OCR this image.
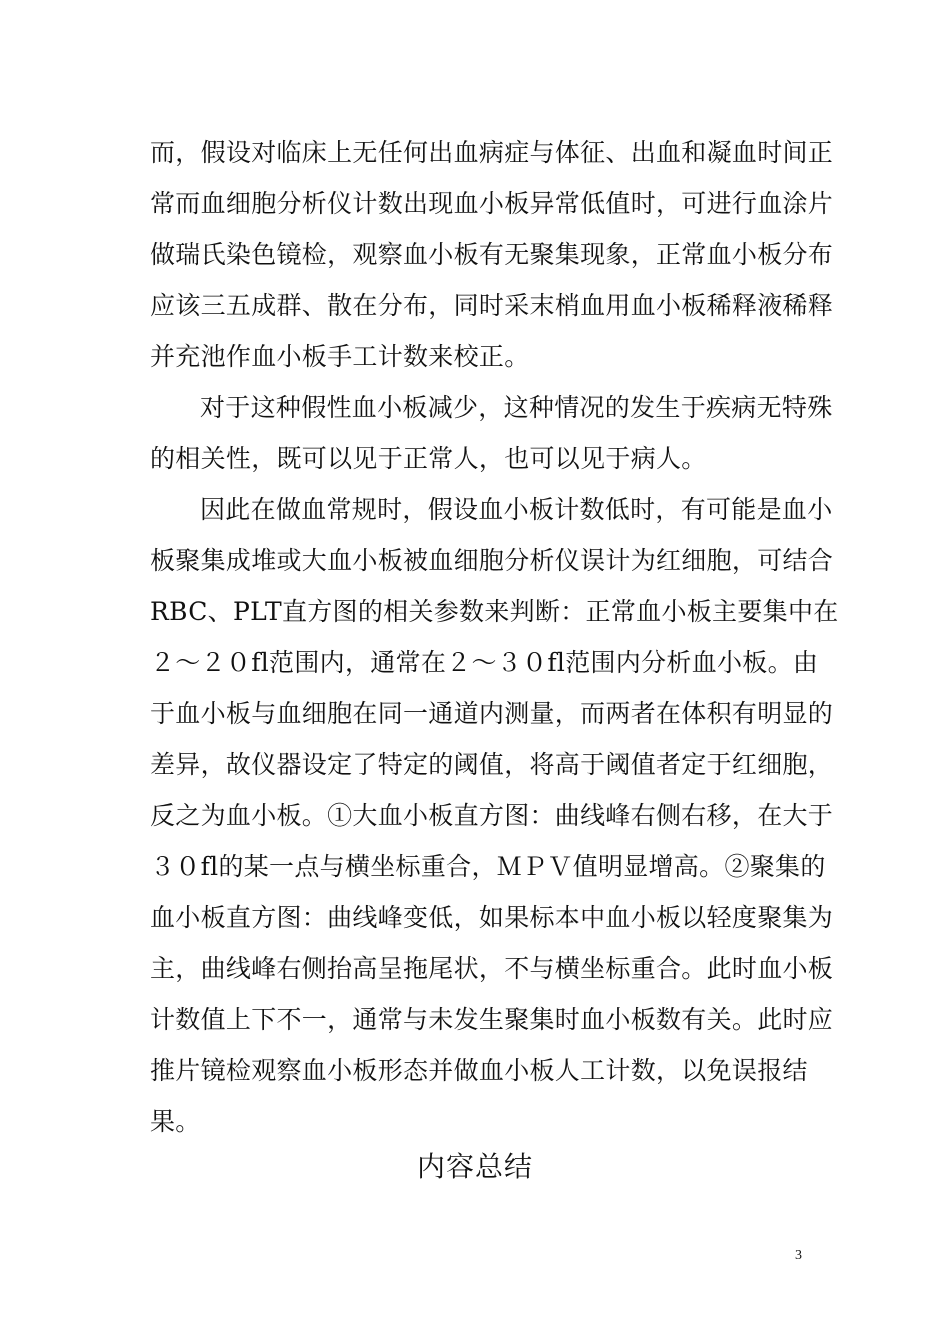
而，假设对临床上无任何出血病症与体征、出血和凝血时间正
常而血细胞分析仪计数出现血小板异常低值时，可进行血涂片
做瑞氏染色镜检，观察血小板有无聚集现象，正常血小板分布
应该三五成群、散在分布，同时采末梢血用血小板稀释液稀释
并充池作血小板手工计数来校正。
对于这种假性血小板减少，这种情况的发生于疾病无特殊
的相关性，既可以见于正常人，也可以见于病人。
因此在做血常规时，假设血小板计数低时，有可能是血小
板聚集成堆或大血小板被血细胞分析仪误计为红细胞，可结合
RBC、PLT直方图的相关参数来判断：正常血小板主要集中在
２～２０fl范围内，通常在２～３０fl范围内分析血小板。由
于血小板与血细胞在同一通道内测量，而两者在体积有明显的
差异，故仪器设定了特定的阈值，将高于阈值者定于红细胞，
反之为血小板。①大血小板直方图：曲线峰右侧右移，在大于
３０fl的某一点与横坐标重合，ＭＰＶ值明显增高。②聚集的
血小板直方图：曲线峰变低，如果标本中血小板以轻度聚集为
主，曲线峰右侧抬高呈拖尾状，不与横坐标重合。此时血小板
计数值上下不一，通常与未发生聚集时血小板数有关。此时应
推片镜检观察血小板形态并做血小板人工计数，以免误报结
果。
内容总结
3
